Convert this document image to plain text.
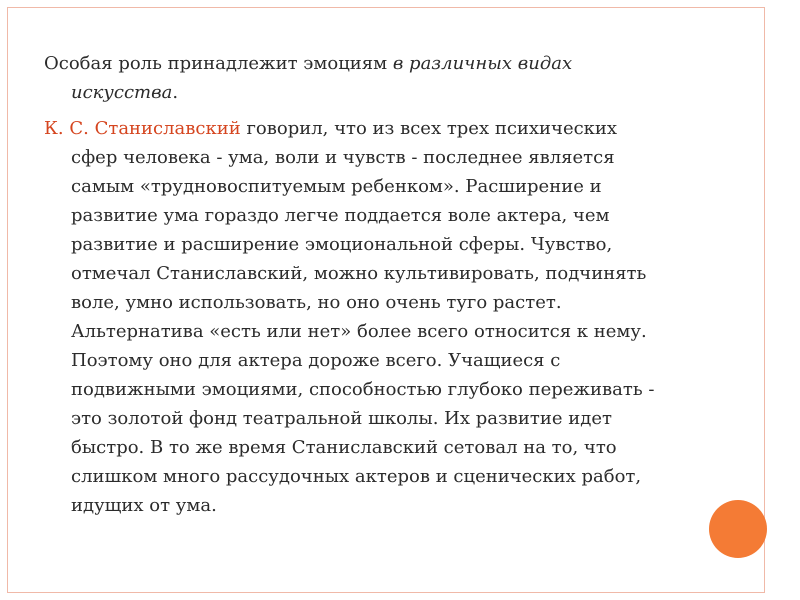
Особая роль принадлежит эмоциям в различных видах
искусства.

К. С. Станиславский говорил, что из всех трех психических
сфер человека - ума, воли и чувств - последнее является
самым «трудновоспитуемым ребенком». Расширение и
развитие ума гораздо легче поддается воле актера, чем
развитие и расширение эмоциональной сферы. Чувство,
отмечал Станиславский, можно культивировать, подчинять
воле, умно использовать, но оно очень туго растет.
Альтернатива «есть или нет» более всего относится к нему.
Поэтому оно для актера дороже всего. Учащиеся с
подвижными эмоциями, способностью глубоко переживать -
это золотой фонд театральной школы. Их развитие идет
быстро. В то же время Станиславский сетовал на то, что
слишком много рассудочных актеров и сценических работ,
идущих от ума.
